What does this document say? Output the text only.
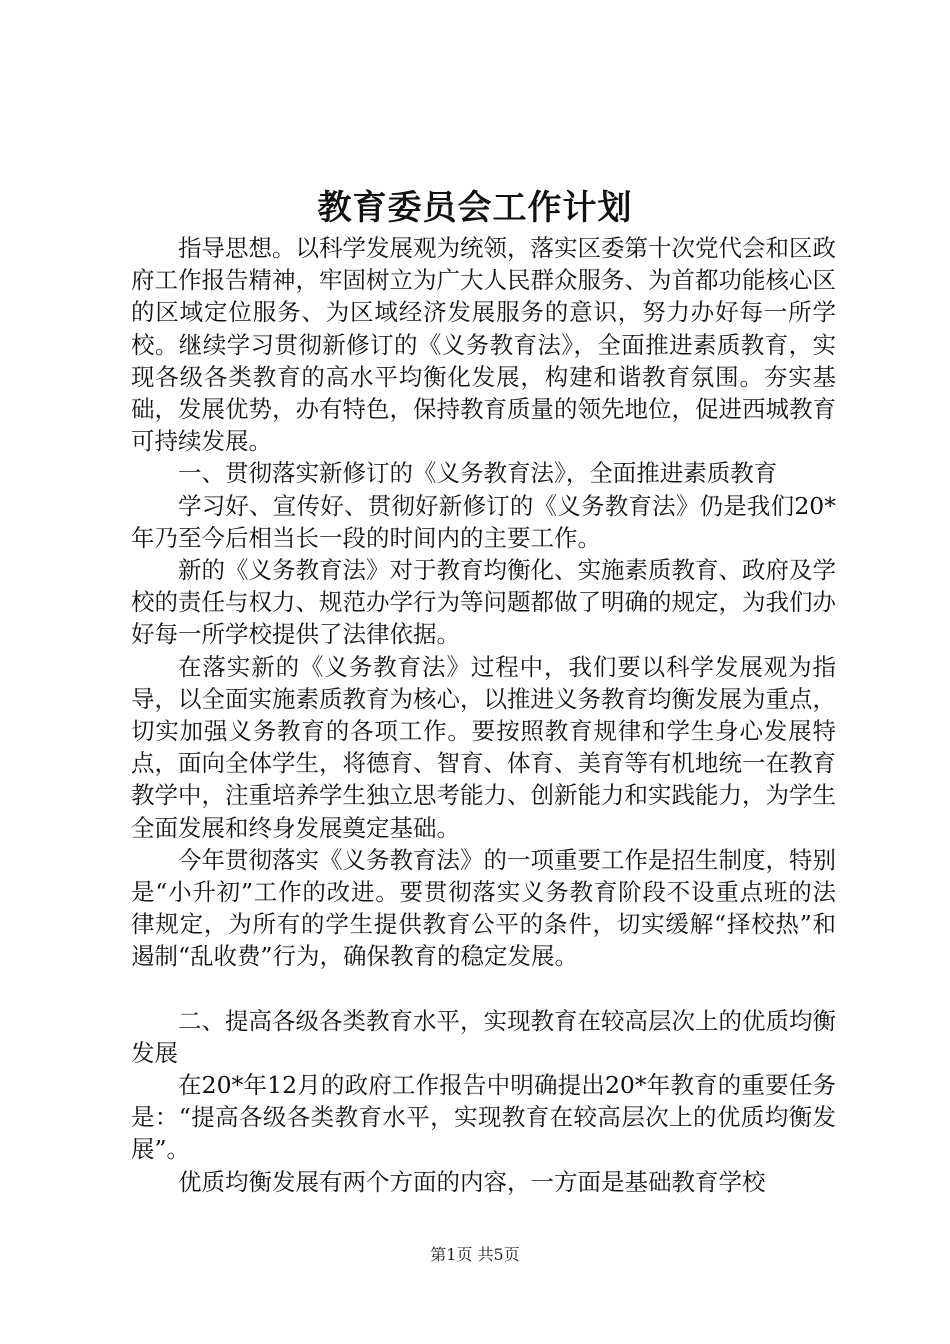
教育委员会工作计划

指导思想。以科学发展观为统领，落实区委第十次党代会和区政府工作报告精神，牢固树立为广大人民群众服务、为首都功能核心区的区域定位服务、为区域经济发展服务的意识，努力办好每一所学校。继续学习贯彻新修订的《义务教育法》，全面推进素质教育，实现各级各类教育的高水平均衡化发展，构建和谐教育氛围。夯实基础，发展优势，办有特色，保持教育质量的领先地位，促进西城教育可持续发展。

一、贯彻落实新修订的《义务教育法》，全面推进素质教育

学习好、宣传好、贯彻好新修订的《义务教育法》仍是我们20*年乃至今后相当长一段的时间内的主要工作。

新的《义务教育法》对于教育均衡化、实施素质教育、政府及学校的责任与权力、规范办学行为等问题都做了明确的规定，为我们办好每一所学校提供了法律依据。

在落实新的《义务教育法》过程中，我们要以科学发展观为指导，以全面实施素质教育为核心，以推进义务教育均衡发展为重点，切实加强义务教育的各项工作。要按照教育规律和学生身心发展特点，面向全体学生，将德育、智育、体育、美育等有机地统一在教育教学中，注重培养学生独立思考能力、创新能力和实践能力，为学生全面发展和终身发展奠定基础。

今年贯彻落实《义务教育法》的一项重要工作是招生制度，特别是“小升初”工作的改进。要贯彻落实义务教育阶段不设重点班的法律规定，为所有的学生提供教育公平的条件，切实缓解“择校热”和遏制“乱收费”行为，确保教育的稳定发展。

二、提高各级各类教育水平，实现教育在较高层次上的优质均衡发展

在20*年12月的政府工作报告中明确提出20*年教育的重要任务是：“提高各级各类教育水平，实现教育在较高层次上的优质均衡发展”。

优质均衡发展有两个方面的内容，一方面是基础教育学校

第1页 共5页
